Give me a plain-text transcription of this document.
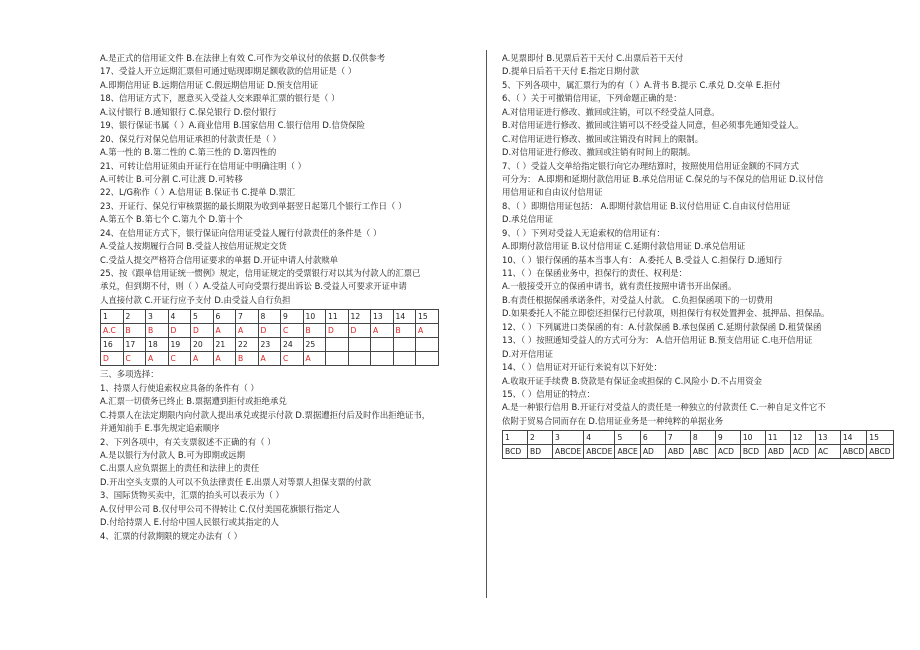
A.是正式的信用证文件 B.在法律上有效 C.可作为交单议付的依据 D.仅供参考
17、受益人开立远期汇票但可通过贴现即期足额收款的信用证是（ ）
A.即期信用证 B.远期信用证 C.假远期信用证 D.预支信用证
18、信用证方式下，愿意买入受益人交来跟单汇票的银行是（ ）
A.议付银行 B.通知银行 C.保兑银行 D.偿付银行
19、银行保证书属（ ）A.商业信用 B.国家信用 C.银行信用 D.信贷保险
20、保兑行对保兑信用证承担的付款责任是（ ）
A.第一性的 B.第二性的 C.第三性的 D.第四性的
21、可转让信用证须由开证行在信用证中明确注明（ ）
A.可转让 B.可分割 C.可让渡 D.可转移
22、L/G称作（ ）A.信用证 B.保证书 C.提单 D.票汇
23、开证行、保兑行审核票据的最长期限为收到单据翌日起第几个银行工作日（ ）
A.第五个 B.第七个 C.第九个 D.第十个
24、在信用证方式下，银行保证向信用证受益人履行付款责任的条件是（ ）
A.受益人按期履行合同 B.受益人按信用证规定交货
C.受益人提交严格符合信用证要求的单据 D.开证申请人付款赎单
25、按《跟单信用证统一惯例》规定，信用证规定的受票银行对以其为付款人的汇票已
承兑，但到期不付，则（ ）A.受益人可向受票行提出诉讼 B.受益人可要求开证申请
人直接付款 C.开证行应予支付 D.由受益人自行负担
1	2	3	4	5	6	7	8	9	10	11	12	13	14	15
A.C	B	B	D	D	A	A	D	C	B	D	D	A	B	A
16	17	18	19	20	21	22	23	24	25					
D	C	A	C	A	A	B	A	C	A					
三、多项选择：
1、持票人行使追索权应具备的条件有（ ）
A.汇票一切债务已终止 B.票据遭到拒付或拒绝承兑
C.持票人在法定期限内向付款人提出承兑或提示付款 D.票据遭拒付后及时作出拒绝证书，
并通知前手 E.事先规定追索顺序
2、下列各项中，有关支票叙述不正确的有（ ）
A.是以银行为付款人 B.可为即期或远期
C.出票人应负票据上的责任和法律上的责任
D.开出空头支票的人可以不负法律责任 E.出票人对等票人担保支票的付款
3、国际货物买卖中，汇票的抬头可以表示为（ ）
A.仅付甲公司 B.仅付甲公司不得转让 C.仅付美国花旗银行指定人
D.付给持票人 E.付给中国人民银行或其指定的人
4、汇票的付款期限的规定办法有（ ）
A.见票即付 B.见票后若干天付 C.出票后若干天付
D.提单日后若干天付 E.指定日期付款
5、下列各项中，属汇票行为的有（ ）A.背书 B.提示 C.承兑 D.交单 E.拒付
6、（ ）关于可撤销信用证，下列命题正确的是：
A.对信用证进行修改、撤回或注销，可以不经受益人同意。
B.对信用证进行修改、撤回或注销可以不经受益人同意，但必须事先通知受益人。
C.对信用证进行修改、撤回或注销没有时间上的限制。
D.对信用证进行修改、撤回或注销有时间上的限制。
7、（ ）受益人交单给指定银行向它办理结算时，按照使用信用证金额的不同方式
可分为： A.即期和延期付款信用证 B.承兑信用证 C.保兑的与不保兑的信用证 D.议付信
用信用证和自由议付信用证
8、（ ）即期信用证包括： A.即期付款信用证 B.议付信用证 C.自由议付信用证
D.承兑信用证
9、（ ）下列对受益人无追索权的信用证有：
A.即期付款信用证 B.议付信用证 C.延期付款信用证 D.承兑信用证
10、（ ）银行保函的基本当事人有： A.委托人 B.受益人 C.担保行 D.通知行
11、（ ）在保函业务中，担保行的责任、权利是：
A.一般接受开立的保函申请书，就有责任按照申请书开出保函。
B.有责任根据保函承诺条件，对受益人付款。 C.负担保函项下的一切费用
D.如果委托人不能立即偿还担保行已付款项，则担保行有权处置押金、抵押品、担保品。
12、（ ）下列属进口类保函的有：A.付款保函 B.承包保函 C.延期付款保函 D.租赁保函
13、（ ）按照通知受益人的方式可分为： A.信开信用证 B.预支信用证 C.电开信用证
D.对开信用证
14、（ ）信用证对开证行来说有以下好处：
A.收取开证手续费 B.贷款是有保证金或担保的 C.风险小 D.不占用资金
15、（ ）信用证的特点：
A.是一种银行信用 B.开证行对受益人的责任是一种独立的付款责任 C.一种自足文件它不
依附于贸易合同而存在 D.信用证业务是一种纯粹的单据业务
1	2	3	4	5	6	7	8	9	10	11	12	13	14	15
BCD	BD	ABCDE	ABCDE	ABCE	AD	ABD	ABC	ACD	BCD	ABD	ACD	AC	ABCD	ABCD
